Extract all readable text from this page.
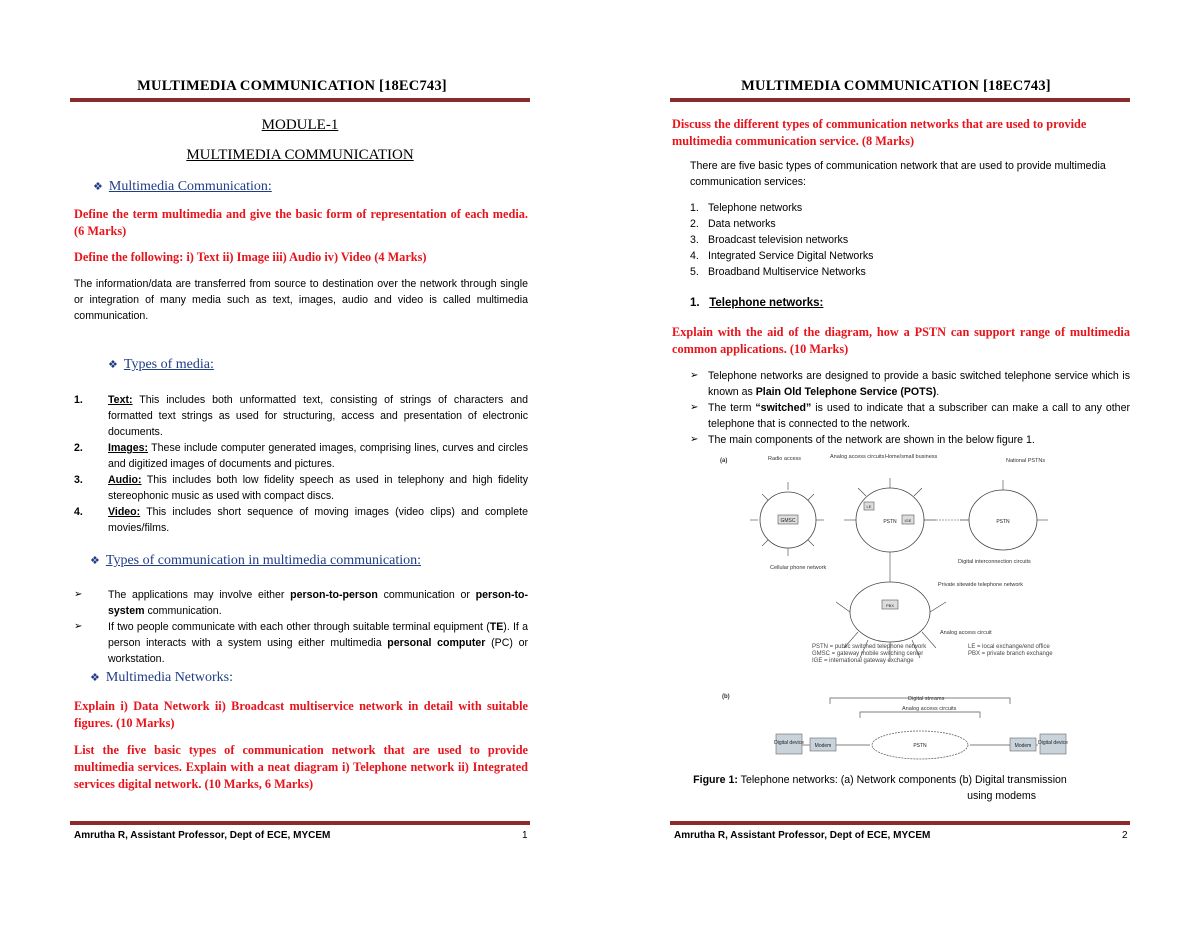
MULTIMEDIA COMMUNICATION [18EC743]
MODULE-1
MULTIMEDIA COMMUNICATION
❖ Multimedia Communication:
Define the term multimedia and give the basic form of representation of each media. (6 Marks)
Define the following: i) Text ii) Image iii) Audio iv) Video (4 Marks)
The information/data are transferred from source to destination over the network through single or integration of many media such as text, images, audio and video is called multimedia communication.
❖ Types of media:
1. Text: This includes both unformatted text, consisting of strings of characters and formatted text strings as used for structuring, access and presentation of electronic documents.
2. Images: These include computer generated images, comprising lines, curves and circles and digitized images of documents and pictures.
3. Audio: This includes both low fidelity speech as used in telephony and high fidelity stereophonic music as used with compact discs.
4. Video: This includes short sequence of moving images (video clips) and complete movies/films.
❖ Types of communication in multimedia communication:
➢ The applications may involve either person-to-person communication or person-to-system communication.
➢ If two people communicate with each other through suitable terminal equipment (TE). If a person interacts with a system using either multimedia personal computer (PC) or workstation.
❖ Multimedia Networks:
Explain i) Data Network ii) Broadcast multiservice network in detail with suitable figures. (10 Marks)
List the five basic types of communication network that are used to provide multimedia services. Explain with a neat diagram i) Telephone network ii) Integrated services digital network. (10 Marks, 6 Marks)
Amrutha R, Assistant Professor, Dept of ECE, MYCEM	1
MULTIMEDIA COMMUNICATION [18EC743]
Discuss the different types of communication networks that are used to provide multimedia communication service. (8 Marks)
There are five basic types of communication network that are used to provide multimedia communication services:
1. Telephone networks
2. Data networks
3. Broadcast television networks
4. Integrated Service Digital Networks
5. Broadband Multiservice Networks
1. Telephone networks:
Explain with the aid of the diagram, how a PSTN can support range of multimedia common applications. (10 Marks)
➢ Telephone networks are designed to provide a basic switched telephone service which is known as Plain Old Telephone Service (POTS).
➢ The term “switched” is used to indicate that a subscriber can make a call to any other telephone that is connected to the network.
➢ The main components of the network are shown in the below figure 1.
(a)	Radio access	Analog access circuits Home/small business
National PSTNs
Cellular phone network
Digital interconnection circuits
Private sitewide telephone network
Analog access circuit
GMSC	PSTN	PSTN
LE
IGE
PBX
PSTN = public switched telephone network
GMSC = gateway mobile switching center
IGE = international gateway exchange
LE = local exchange/end office
PBX = private branch exchange
(b)	Digital streams
Analog access circuits
Digital device Modem	PSTN	Modem Digital device
Figure 1: Telephone networks: (a) Network components (b) Digital transmission
using modems
Amrutha R, Assistant Professor, Dept of ECE, MYCEM	2
